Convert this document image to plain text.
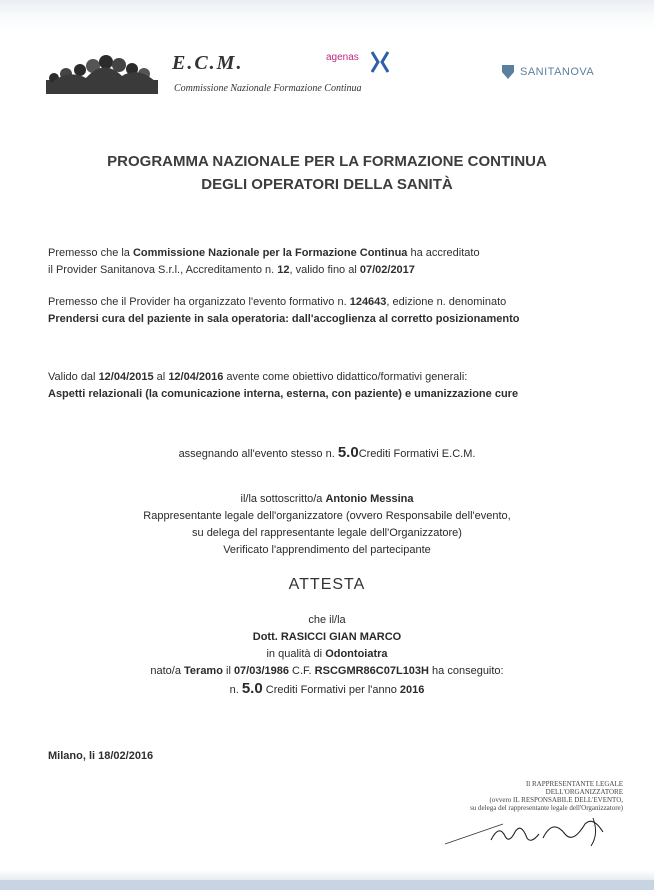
E.C.M.
Commissione Nazionale Formazione Continua
agenas
SANITANOVA
PROGRAMMA NAZIONALE PER LA FORMAZIONE CONTINUA
DEGLI OPERATORI DELLA SANITÀ
Premesso che la Commissione Nazionale per la Formazione Continua ha accreditato
il Provider Sanitanova S.r.l., Accreditamento n. 12, valido fino al 07/02/2017
Premesso che il Provider ha organizzato l'evento formativo n. 124643, edizione n. denominato
Prendersi cura del paziente in sala operatoria: dall'accoglienza al corretto posizionamento
Valido dal 12/04/2015 al 12/04/2016 avente come obiettivo didattico/formativi generali:
Aspetti relazionali (la comunicazione interna, esterna, con paziente) e umanizzazione cure
assegnando all'evento stesso n. 5.0Crediti Formativi E.C.M.
il/la sottoscritto/a Antonio Messina
Rappresentante legale dell'organizzatore (ovvero Responsabile dell'evento,
su delega del rappresentante legale dell'Organizzatore)
Verificato l'apprendimento del partecipante
ATTESTA
che il/la
Dott. RASICCI GIAN MARCO
in qualità di Odontoiatra
nato/a Teramo il 07/03/1986 C.F. RSCGMR86C07L103H ha conseguito:
n. 5.0 Crediti Formativi per l'anno 2016
Milano, li 18/02/2016
Il RAPPRESENTANTE LEGALE
DELL'ORGANIZZATORE
(ovvero IL RESPONSABILE DELL'EVENTO,
su delega del rappresentante legale dell'Organizzatore)
